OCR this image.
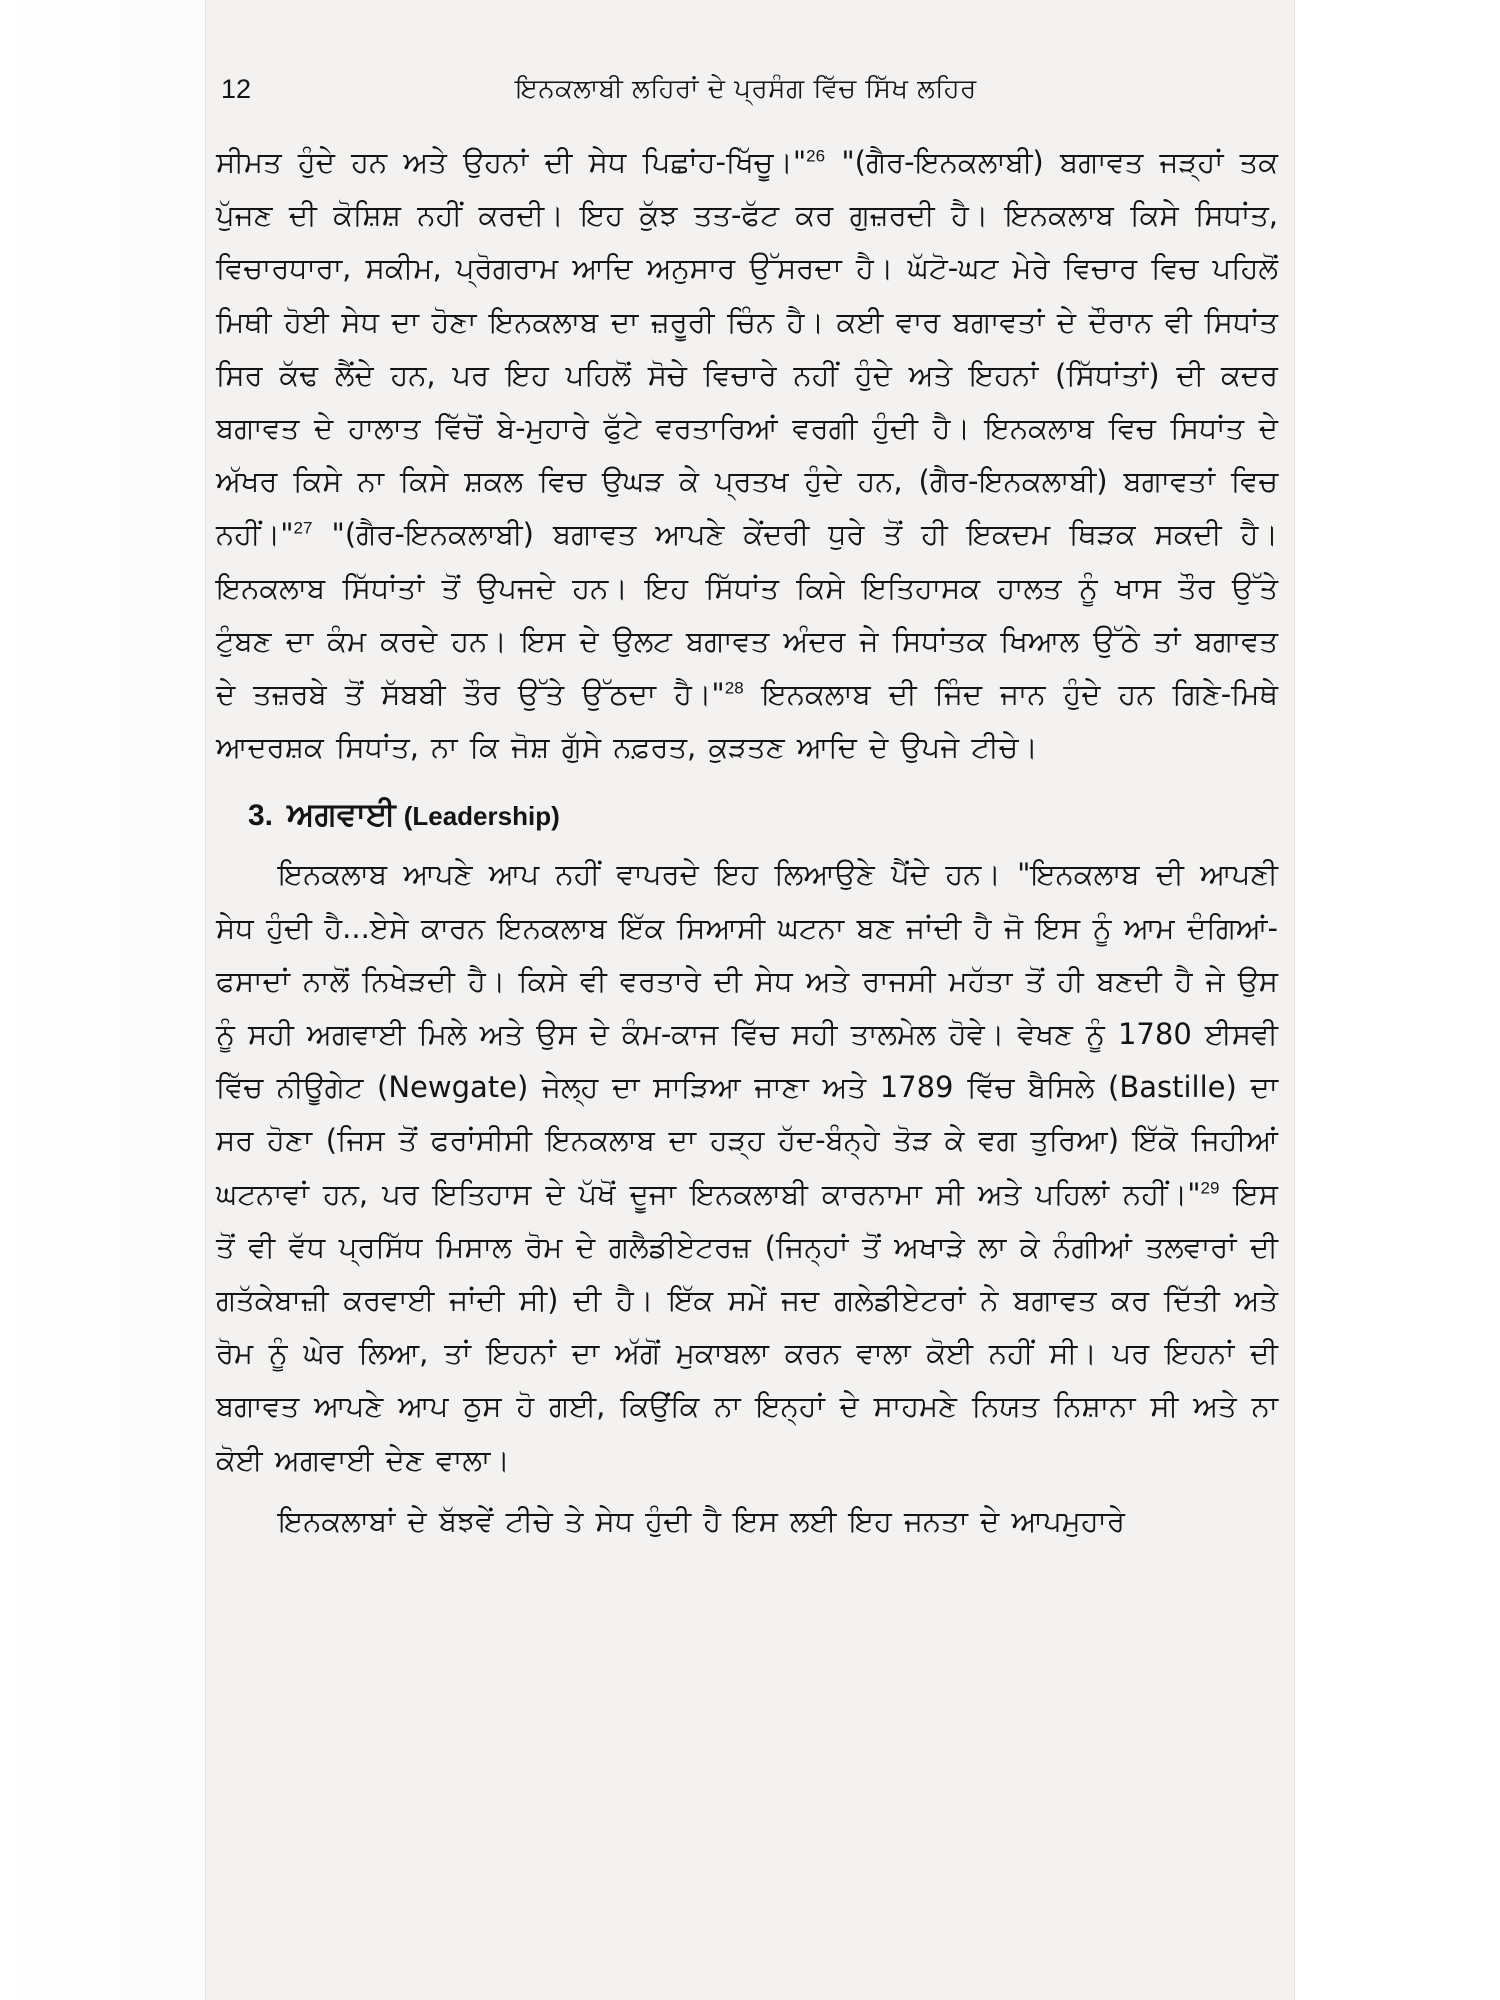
12	ਇਨਕਲਾਬੀ ਲਹਿਰਾਂ ਦੇ ਪ੍ਰਸੰਗ ਵਿੱਚ ਸਿੱਖ ਲਹਿਰ

ਸੀਮਤ ਹੁੰਦੇ ਹਨ ਅਤੇ ਉਹਨਾਂ ਦੀ ਸੇਧ ਪਿਛਾਂਹ-ਖਿੱਚੂ।"$^{26}$ "(ਗੈਰ-ਇਨਕਲਾਬੀ) ਬਗਾਵਤ ਜੜ੍ਹਾਂ ਤਕ ਪੁੱਜਣ ਦੀ ਕੋਸ਼ਿਸ਼ ਨਹੀਂ ਕਰਦੀ। ਇਹ ਕੁੱਝ ਤਤ-ਫੱਟ ਕਰ ਗੁਜ਼ਰਦੀ ਹੈ। ਇਨਕਲਾਬ ਕਿਸੇ ਸਿਧਾਂਤ, ਵਿਚਾਰਧਾਰਾ, ਸਕੀਮ, ਪ੍ਰੋਗਰਾਮ ਆਦਿ ਅਨੁਸਾਰ ਉੱਸਰਦਾ ਹੈ। ਘੱਟੋ-ਘਟ ਮੇਰੇ ਵਿਚਾਰ ਵਿਚ ਪਹਿਲੋਂ ਮਿਥੀ ਹੋਈ ਸੇਧ ਦਾ ਹੋਣਾ ਇਨਕਲਾਬ ਦਾ ਜ਼ਰੂਰੀ ਚਿੰਨ ਹੈ। ਕਈ ਵਾਰ ਬਗਾਵਤਾਂ ਦੇ ਦੌਰਾਨ ਵੀ ਸਿਧਾਂਤ ਸਿਰ ਕੱਢ ਲੈਂਦੇ ਹਨ, ਪਰ ਇਹ ਪਹਿਲੋਂ ਸੋਚੇ ਵਿਚਾਰੇ ਨਹੀਂ ਹੁੰਦੇ ਅਤੇ ਇਹਨਾਂ (ਸਿੱਧਾਂਤਾਂ) ਦੀ ਕਦਰ ਬਗਾਵਤ ਦੇ ਹਾਲਾਤ ਵਿੱਚੋਂ ਬੇ-ਮੁਹਾਰੇ ਫੁੱਟੇ ਵਰਤਾਰਿਆਂ ਵਰਗੀ ਹੁੰਦੀ ਹੈ। ਇਨਕਲਾਬ ਵਿਚ ਸਿਧਾਂਤ ਦੇ ਅੱਖਰ ਕਿਸੇ ਨਾ ਕਿਸੇ ਸ਼ਕਲ ਵਿਚ ਉਘੜ ਕੇ ਪ੍ਰਤਖ ਹੁੰਦੇ ਹਨ, (ਗੈਰ-ਇਨਕਲਾਬੀ) ਬਗਾਵਤਾਂ ਵਿਚ ਨਹੀਂ।"$^{27}$ "(ਗੈਰ-ਇਨਕਲਾਬੀ) ਬਗਾਵਤ ਆਪਣੇ ਕੇਂਦਰੀ ਧੁਰੇ ਤੋਂ ਹੀ ਇਕਦਮ ਥਿੜਕ ਸਕਦੀ ਹੈ। ਇਨਕਲਾਬ ਸਿੱਧਾਂਤਾਂ ਤੋਂ ਉਪਜਦੇ ਹਨ। ਇਹ ਸਿੱਧਾਂਤ ਕਿਸੇ ਇਤਿਹਾਸਕ ਹਾਲਤ ਨੂੰ ਖਾਸ ਤੌਰ ਉੱਤੇ ਟੁੰਬਣ ਦਾ ਕੰਮ ਕਰਦੇ ਹਨ। ਇਸ ਦੇ ਉਲਟ ਬਗਾਵਤ ਅੰਦਰ ਜੇ ਸਿਧਾਂਤਕ ਖਿਆਲ ਉੱਠੇ ਤਾਂ ਬਗਾਵਤ ਦੇ ਤਜ਼ਰਬੇ ਤੋਂ ਸੱਬਬੀ ਤੌਰ ਉੱਤੇ ਉੱਠਦਾ ਹੈ।"$^{28}$ ਇਨਕਲਾਬ ਦੀ ਜਿੰਦ ਜਾਨ ਹੁੰਦੇ ਹਨ ਗਿਣੇ-ਮਿਥੇ ਆਦਰਸ਼ਕ ਸਿਧਾਂਤ, ਨਾ ਕਿ ਜੋਸ਼ ਗੁੱਸੇ ਨਫ਼ਰਤ, ਕੁੜਤਣ ਆਦਿ ਦੇ ਉਪਜੇ ਟੀਚੇ।

3. ਅਗਵਾਈ (Leadership)

ਇਨਕਲਾਬ ਆਪਣੇ ਆਪ ਨਹੀਂ ਵਾਪਰਦੇ ਇਹ ਲਿਆਉਣੇ ਪੈਂਦੇ ਹਨ। "ਇਨਕਲਾਬ ਦੀ ਆਪਣੀ ਸੇਧ ਹੁੰਦੀ ਹੈ...ਏਸੇ ਕਾਰਨ ਇਨਕਲਾਬ ਇੱਕ ਸਿਆਸੀ ਘਟਨਾ ਬਣ ਜਾਂਦੀ ਹੈ ਜੋ ਇਸ ਨੂੰ ਆਮ ਦੰਗਿਆਂ-ਫਸਾਦਾਂ ਨਾਲੋਂ ਨਿਖੇੜਦੀ ਹੈ। ਕਿਸੇ ਵੀ ਵਰਤਾਰੇ ਦੀ ਸੇਧ ਅਤੇ ਰਾਜਸੀ ਮਹੱਤਾ ਤੋਂ ਹੀ ਬਣਦੀ ਹੈ ਜੇ ਉਸ ਨੂੰ ਸਹੀ ਅਗਵਾਈ ਮਿਲੇ ਅਤੇ ਉਸ ਦੇ ਕੰਮ-ਕਾਜ ਵਿੱਚ ਸਹੀ ਤਾਲਮੇਲ ਹੋਵੇ। ਵੇਖਣ ਨੂੰ 1780 ਈਸਵੀ ਵਿੱਚ ਨੀਊਗੇਟ (Newgate) ਜੇਲ੍ਹ ਦਾ ਸਾੜਿਆ ਜਾਣਾ ਅਤੇ 1789 ਵਿੱਚ ਬੈਸਿਲੇ (Bastille) ਦਾ ਸਰ ਹੋਣਾ (ਜਿਸ ਤੋਂ ਫਰਾਂਸੀਸੀ ਇਨਕਲਾਬ ਦਾ ਹੜ੍ਹ ਹੱਦ-ਬੰਨ੍ਹੇ ਤੋੜ ਕੇ ਵਗ ਤੁਰਿਆ) ਇੱਕੋ ਜਿਹੀਆਂ ਘਟਨਾਵਾਂ ਹਨ, ਪਰ ਇਤਿਹਾਸ ਦੇ ਪੱਖੋਂ ਦੂਜਾ ਇਨਕਲਾਬੀ ਕਾਰਨਾਮਾ ਸੀ ਅਤੇ ਪਹਿਲਾਂ ਨਹੀਂ।"$^{29}$ ਇਸ ਤੋਂ ਵੀ ਵੱਧ ਪ੍ਰਸਿੱਧ ਮਿਸਾਲ ਰੋਮ ਦੇ ਗਲੈਡੀਏਟਰਜ਼ (ਜਿਨ੍ਹਾਂ ਤੋਂ ਅਖਾੜੇ ਲਾ ਕੇ ਨੰਗੀਆਂ ਤਲਵਾਰਾਂ ਦੀ ਗਤੱਕੇਬਾਜ਼ੀ ਕਰਵਾਈ ਜਾਂਦੀ ਸੀ) ਦੀ ਹੈ। ਇੱਕ ਸਮੇਂ ਜਦ ਗਲੇਡੀਏਟਰਾਂ ਨੇ ਬਗਾਵਤ ਕਰ ਦਿੱਤੀ ਅਤੇ ਰੋਮ ਨੂੰ ਘੇਰ ਲਿਆ, ਤਾਂ ਇਹਨਾਂ ਦਾ ਅੱਗੋਂ ਮੁਕਾਬਲਾ ਕਰਨ ਵਾਲਾ ਕੋਈ ਨਹੀਂ ਸੀ। ਪਰ ਇਹਨਾਂ ਦੀ ਬਗਾਵਤ ਆਪਣੇ ਆਪ ਠੁਸ ਹੋ ਗਈ, ਕਿਉਂਕਿ ਨਾ ਇਨ੍ਹਾਂ ਦੇ ਸਾਹਮਣੇ ਨਿਯਤ ਨਿਸ਼ਾਨਾ ਸੀ ਅਤੇ ਨਾ ਕੋਈ ਅਗਵਾਈ ਦੇਣ ਵਾਲਾ।

ਇਨਕਲਾਬਾਂ ਦੇ ਬੱਝਵੇਂ ਟੀਚੇ ਤੇ ਸੇਧ ਹੁੰਦੀ ਹੈ ਇਸ ਲਈ ਇਹ ਜਨਤਾ ਦੇ ਆਪਮੁਹਾਰੇ
